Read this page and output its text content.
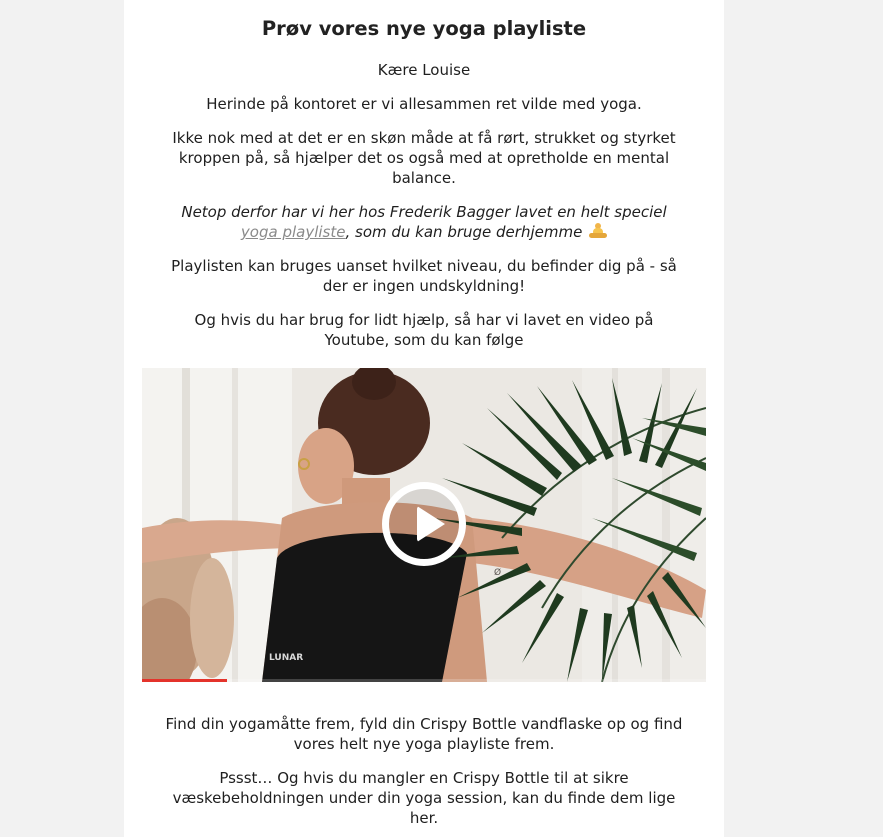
Prøv vores nye yoga playliste

Kære Louise

Herinde på kontoret er vi allesammen ret vilde med yoga.

Ikke nok med at det er en skøn måde at få rørt, strukket og styrket kroppen på, så hjælper det os også med at opretholde en mental balance.

Netop derfor har vi her hos Frederik Bagger lavet en helt speciel yoga playliste, som du kan bruge derhjemme

Playlisten kan bruges uanset hvilket niveau, du befinder dig på - så der er ingen undskyldning!

Og hvis du har brug for lidt hjælp, så har vi lavet en video på Youtube, som du kan følge

LUNAR
Ø

Find din yogamåtte frem, fyld din Crispy Bottle vandflaske op og find vores helt nye yoga playliste frem.

Pssst… Og hvis du mangler en Crispy Bottle til at sikre væskebeholdningen under din yoga session, kan du finde dem lige her.
